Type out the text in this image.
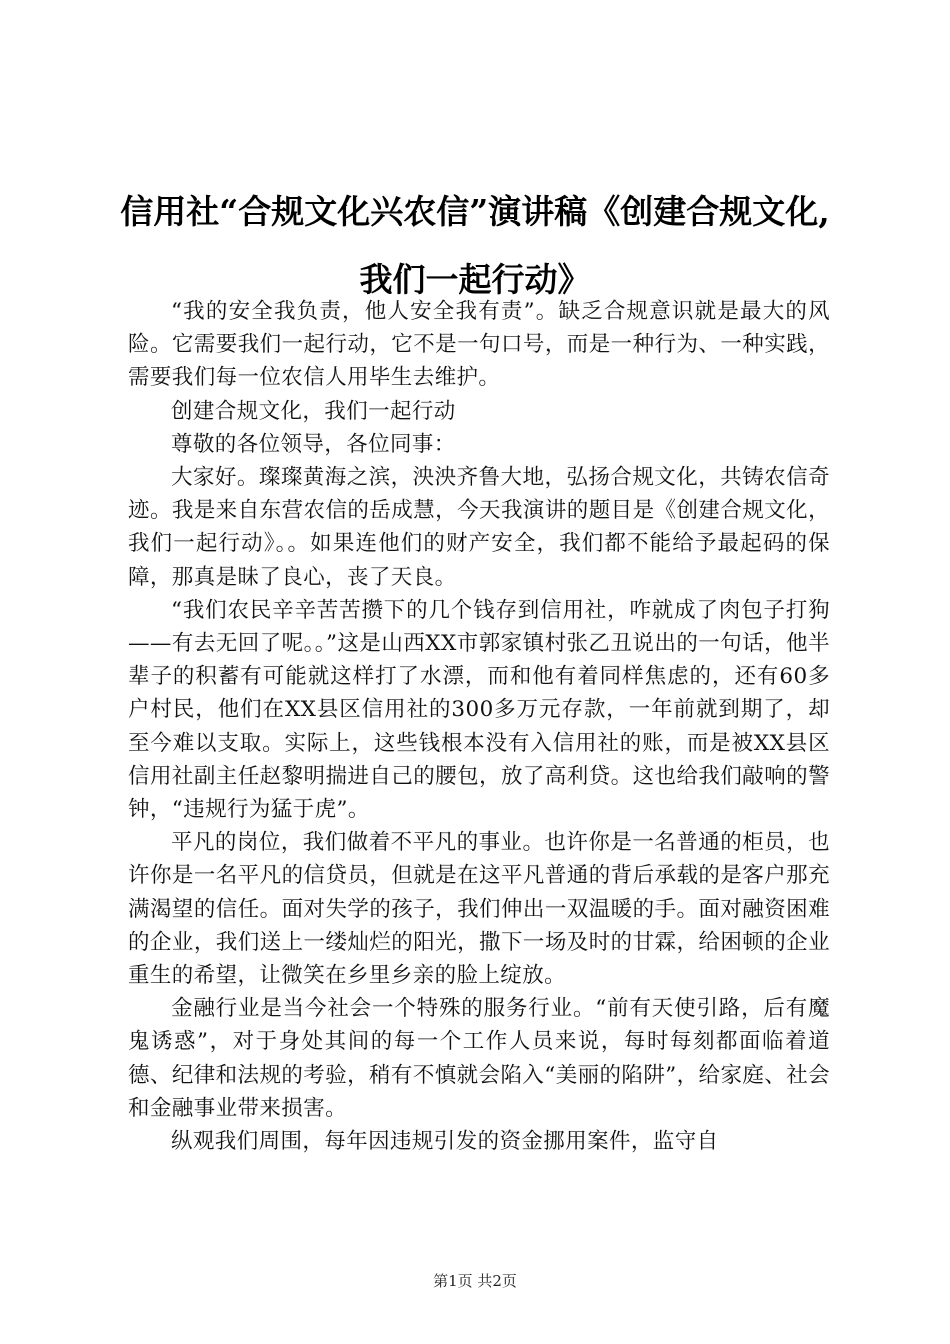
信用社“合规文化兴农信”演讲稿《创建合规文化,我们一起行动》

“我的安全我负责，他人安全我有责”。缺乏合规意识就是最大的风险。它需要我们一起行动，它不是一句口号，而是一种行为、一种实践，需要我们每一位农信人用毕生去维护。

创建合规文化，我们一起行动

尊敬的各位领导，各位同事：

大家好。璨璨黄海之滨，泱泱齐鲁大地，弘扬合规文化，共铸农信奇迹。我是来自东营农信的岳成慧，今天我演讲的题目是《创建合规文化，我们一起行动》。。如果连他们的财产安全，我们都不能给予最起码的保障，那真是昧了良心，丧了天良。

“我们农民辛辛苦苦攒下的几个钱存到信用社，咋就成了肉包子打狗——有去无回了呢。。”这是山西XX市郭家镇村张乙丑说出的一句话，他半辈子的积蓄有可能就这样打了水漂，而和他有着同样焦虑的，还有60多户村民，他们在XX县区信用社的300多万元存款，一年前就到期了，却至今难以支取。实际上，这些钱根本没有入信用社的账，而是被XX县区信用社副主任赵黎明揣进自己的腰包，放了高利贷。这也给我们敲响的警钟，“违规行为猛于虎”。

平凡的岗位，我们做着不平凡的事业。也许你是一名普通的柜员，也许你是一名平凡的信贷员，但就是在这平凡普通的背后承载的是客户那充满渴望的信任。面对失学的孩子，我们伸出一双温暖的手。面对融资困难的企业，我们送上一缕灿烂的阳光，撒下一场及时的甘霖，给困顿的企业重生的希望，让微笑在乡里乡亲的脸上绽放。

金融行业是当今社会一个特殊的服务行业。“前有天使引路，后有魔鬼诱惑”，对于身处其间的每一个工作人员来说，每时每刻都面临着道德、纪律和法规的考验，稍有不慎就会陷入“美丽的陷阱”，给家庭、社会和金融事业带来损害。

纵观我们周围，每年因违规引发的资金挪用案件，监守自

第1页 共2页
